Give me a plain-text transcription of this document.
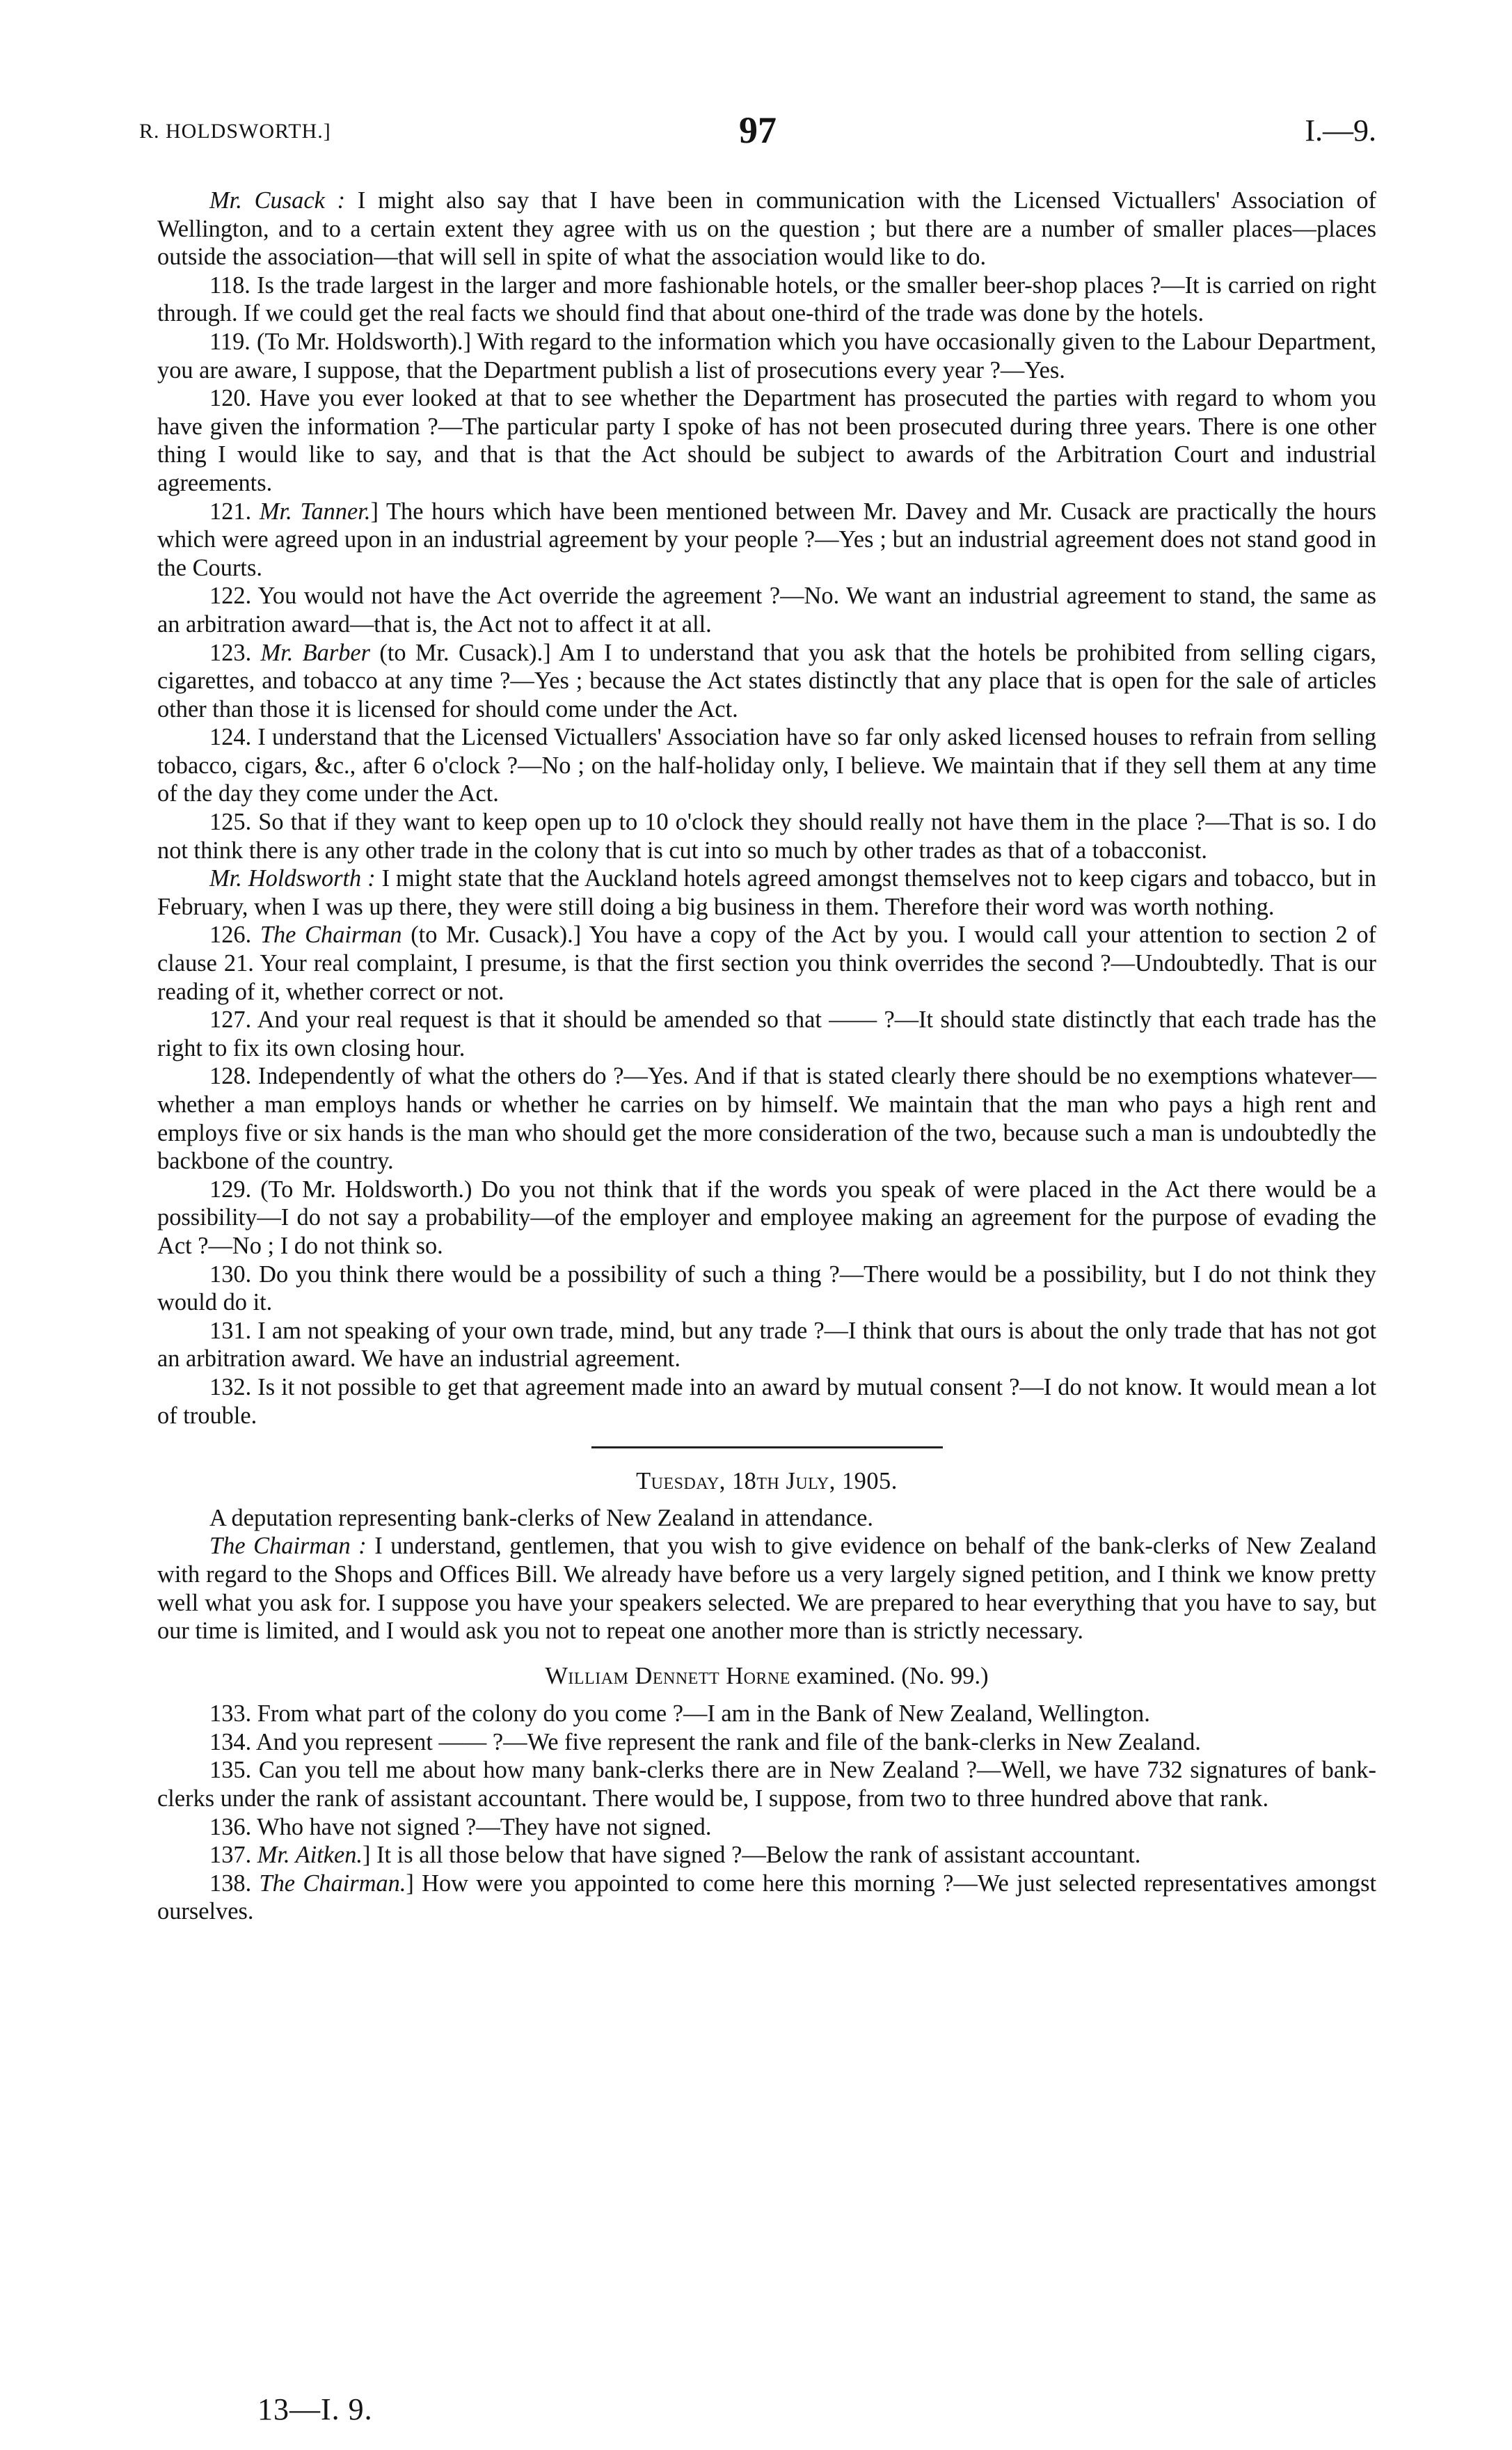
R. HOLDSWORTH.]	97	I.—9.

Mr. Cusack : I might also say that I have been in communication with the Licensed Victuallers' Association of Wellington, and to a certain extent they agree with us on the question ; but there are a number of smaller places—places outside the association—that will sell in spite of what the association would like to do.

118. Is the trade largest in the larger and more fashionable hotels, or the smaller beer-shop places ?—It is carried on right through. If we could get the real facts we should find that about one-third of the trade was done by the hotels.

119. (To Mr. Holdsworth).] With regard to the information which you have occasionally given to the Labour Department, you are aware, I suppose, that the Department publish a list of prosecutions every year ?—Yes.

120. Have you ever looked at that to see whether the Department has prosecuted the parties with regard to whom you have given the information ?—The particular party I spoke of has not been prosecuted during three years. There is one other thing I would like to say, and that is that the Act should be subject to awards of the Arbitration Court and industrial agreements.

121. Mr. Tanner.] The hours which have been mentioned between Mr. Davey and Mr. Cusack are practically the hours which were agreed upon in an industrial agreement by your people ?—Yes ; but an industrial agreement does not stand good in the Courts.

122. You would not have the Act override the agreement ?—No. We want an industrial agreement to stand, the same as an arbitration award—that is, the Act not to affect it at all.

123. Mr. Barber (to Mr. Cusack).] Am I to understand that you ask that the hotels be prohibited from selling cigars, cigarettes, and tobacco at any time ?—Yes ; because the Act states distinctly that any place that is open for the sale of articles other than those it is licensed for should come under the Act.

124. I understand that the Licensed Victuallers' Association have so far only asked licensed houses to refrain from selling tobacco, cigars, &c., after 6 o'clock ?—No ; on the half-holiday only, I believe. We maintain that if they sell them at any time of the day they come under the Act.

125. So that if they want to keep open up to 10 o'clock they should really not have them in the place ?—That is so. I do not think there is any other trade in the colony that is cut into so much by other trades as that of a tobacconist.

Mr. Holdsworth : I might state that the Auckland hotels agreed amongst themselves not to keep cigars and tobacco, but in February, when I was up there, they were still doing a big business in them. Therefore their word was worth nothing.

126. The Chairman (to Mr. Cusack).] You have a copy of the Act by you. I would call your attention to section 2 of clause 21. Your real complaint, I presume, is that the first section you think overrides the second ?—Undoubtedly. That is our reading of it, whether correct or not.

127. And your real request is that it should be amended so that —— ?—It should state distinctly that each trade has the right to fix its own closing hour.

128. Independently of what the others do ?—Yes. And if that is stated clearly there should be no exemptions whatever—whether a man employs hands or whether he carries on by himself. We maintain that the man who pays a high rent and employs five or six hands is the man who should get the more consideration of the two, because such a man is undoubtedly the backbone of the country.

129. (To Mr. Holdsworth.) Do you not think that if the words you speak of were placed in the Act there would be a possibility—I do not say a probability—of the employer and employee making an agreement for the purpose of evading the Act ?—No ; I do not think so.

130. Do you think there would be a possibility of such a thing ?—There would be a possibility, but I do not think they would do it.

131. I am not speaking of your own trade, mind, but any trade ?—I think that ours is about the only trade that has not got an arbitration award. We have an industrial agreement.

132. Is it not possible to get that agreement made into an award by mutual consent ?—I do not know. It would mean a lot of trouble.

Tuesday, 18th July, 1905.

A deputation representing bank-clerks of New Zealand in attendance.

The Chairman : I understand, gentlemen, that you wish to give evidence on behalf of the bank-clerks of New Zealand with regard to the Shops and Offices Bill. We already have before us a very largely signed petition, and I think we know pretty well what you ask for. I suppose you have your speakers selected. We are prepared to hear everything that you have to say, but our time is limited, and I would ask you not to repeat one another more than is strictly necessary.

William Dennett Horne examined. (No. 99.)

133. From what part of the colony do you come ?—I am in the Bank of New Zealand, Wellington.

134. And you represent —— ?—We five represent the rank and file of the bank-clerks in New Zealand.

135. Can you tell me about how many bank-clerks there are in New Zealand ?—Well, we have 732 signatures of bank-clerks under the rank of assistant accountant. There would be, I suppose, from two to three hundred above that rank.

136. Who have not signed ?—They have not signed.

137. Mr. Aitken.] It is all those below that have signed ?—Below the rank of assistant accountant.

138. The Chairman.] How were you appointed to come here this morning ?—We just selected representatives amongst ourselves.

13—I. 9.
